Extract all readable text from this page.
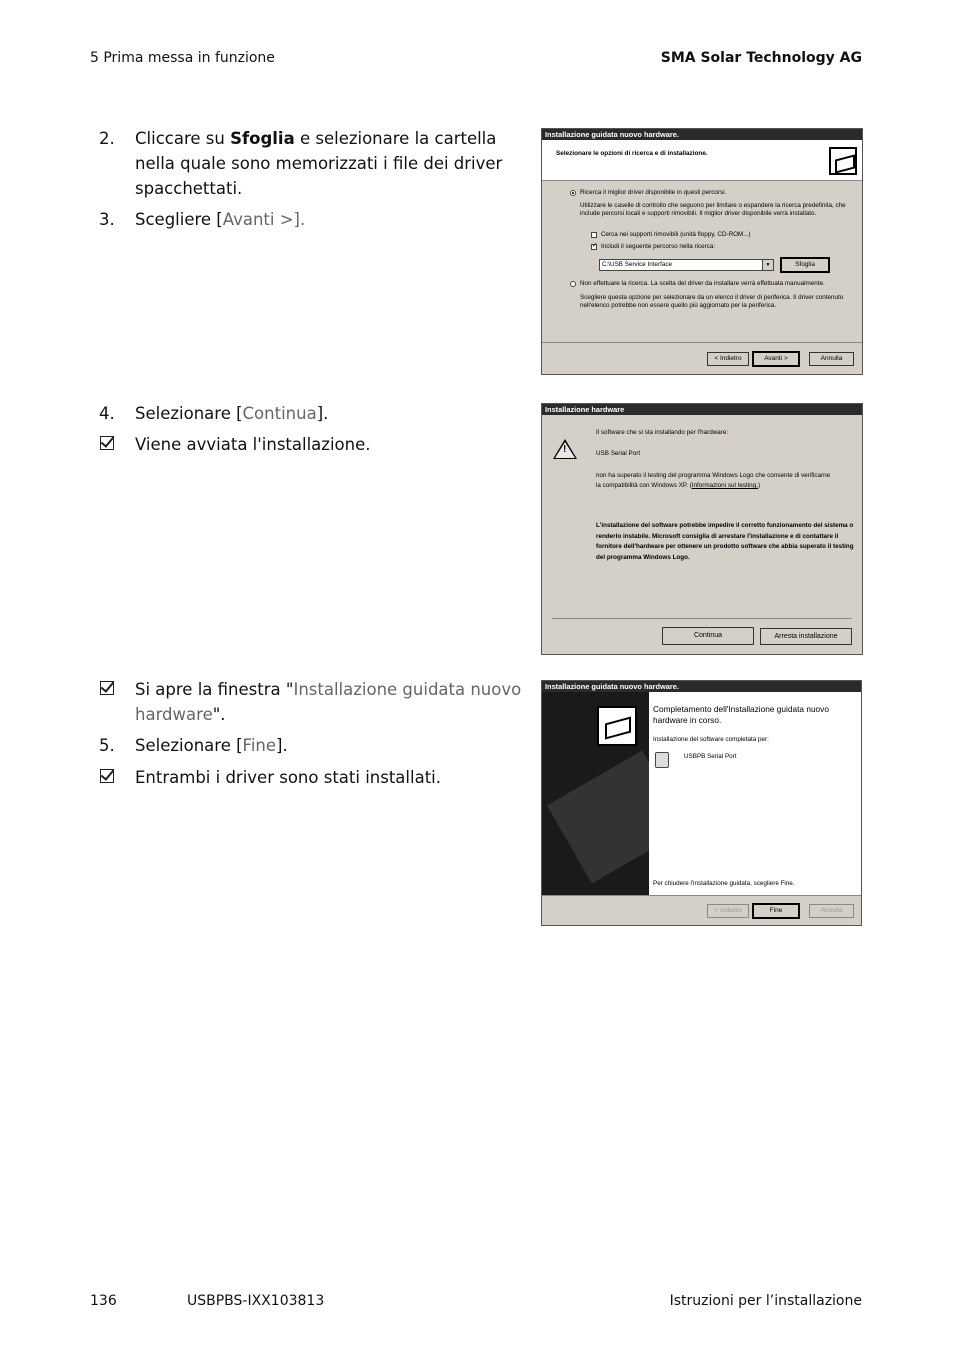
5 Prima messa in funzione	SMA Solar Technology AG
2. Cliccare su Sfoglia e selezionare la cartella nella quale sono memorizzati i file dei driver spacchettati.
3. Scegliere [Avanti >].
4. Selezionare [Continua].
Viene avviata l'installazione.
Si apre la finestra "Installazione guidata nuovo hardware".
5. Selezionare [Fine].
Entrambi i driver sono stati installati.
Installazione guidata nuovo hardware.
Selezionare le opzioni di ricerca e di installazione.
Ricerca il miglior driver disponibile in questi percorsi.
Utilizzare le caselle di controllo che seguono per limitare o espandere la ricerca predefinita, che include percorsi locali e supporti rimovibili. Il miglior driver disponibile verrà installato.
Cerca nei supporti rimovibili (unità floppy, CD-ROM...)
✓
Includi il seguente percorso nella ricerca:
C:\USB Service Interface	▼	Sfoglia
Non effettuare la ricerca. La scelta del driver da installare verrà effettuata manualmente.
Scegliere questa opzione per selezionare da un elenco il driver di periferica. Il driver contenuto nell'elenco potrebbe non essere quello più aggiornato per la periferica.
< Indietro	Avanti >	Annulla
Installazione hardware
!
Il software che si sta installando per l'hardware:
USB Serial Port
non ha superato il testing del programma Windows Logo che consente di verificarne la compatibilità con Windows XP. (Informazioni sul testing.)
L'installazione del software potrebbe impedire il corretto funzionamento del sistema o renderlo instabile. Microsoft consiglia di arrestare l'installazione e di contattare il fornitore dell'hardware per ottenere un prodotto software che abbia superato il testing del programma Windows Logo.
Continua	Arresta installazione
Installazione guidata nuovo hardware.
Completamento dell'Installazione guidata nuovo hardware in corso.
Installazione del software completata per:
USBPB Serial Port
Per chiudere l'installazione guidata, scegliere Fine.
< Indietro	Fine	Annulla
136	USBPBS-IXX103813	Istruzioni per l’installazione
